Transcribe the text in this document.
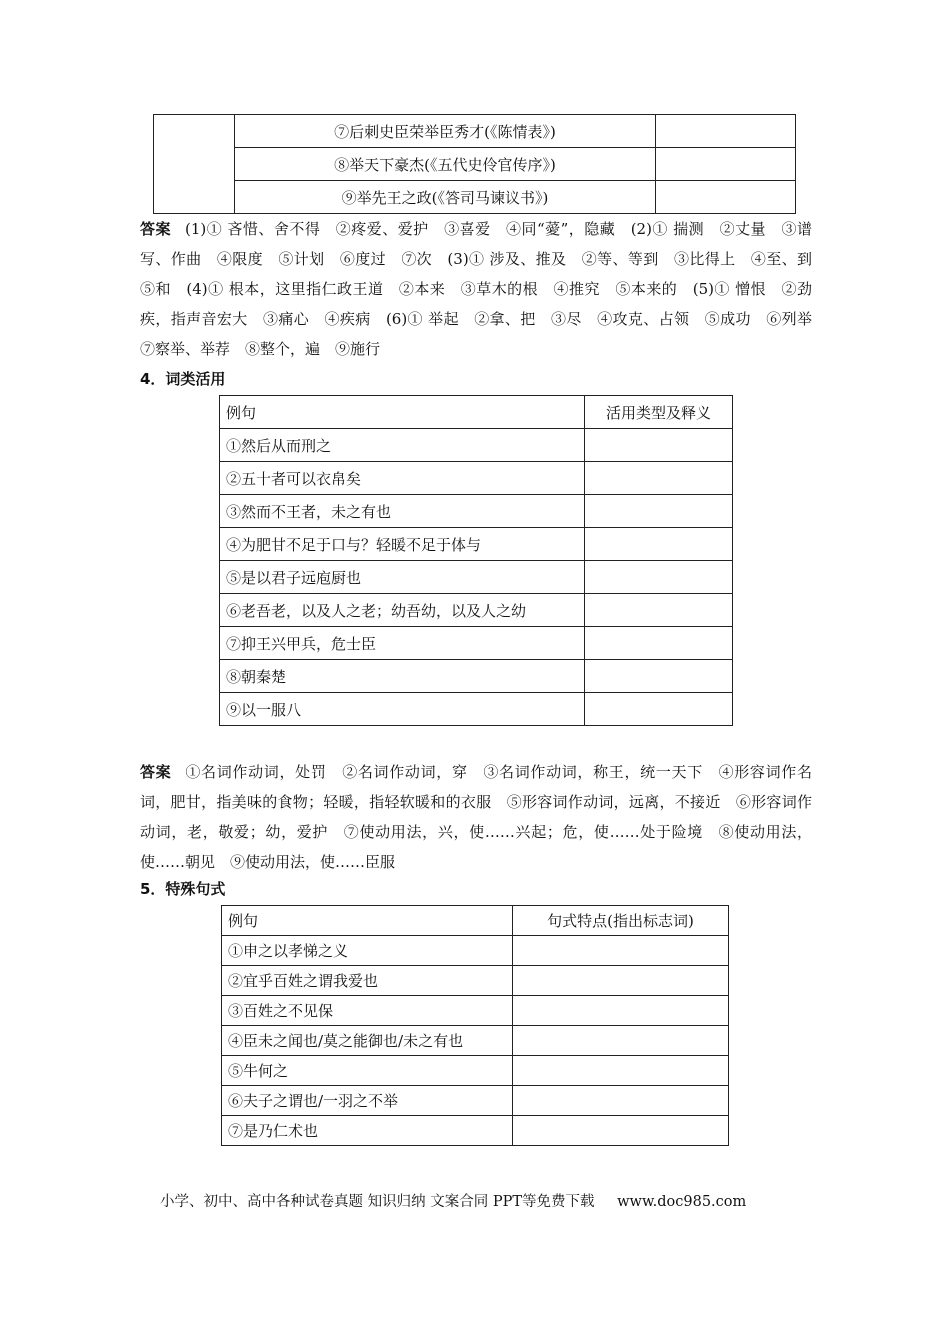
	⑦后刺史臣荣举臣秀才(《陈情表》)	
	⑧举天下豪杰(《五代史伶官传序》)	
	⑨举先王之政(《答司马谏议书》)	
答案 (1)① 吝惜、舍不得　②疼爱、爱护　③喜爱　④同“薆”，隐藏　(2)① 揣测　②丈量　③谱写、作曲　④限度　⑤计划　⑥度过　⑦次　(3)① 涉及、推及　②等、等到　③比得上　④至、到　⑤和　(4)① 根本，这里指仁政王道　②本来　③草木的根　④推究　⑤本来的　(5)① 憎恨　②劲疾，指声音宏大　③痛心　④疾病　(6)① 举起　②拿、把　③尽　④攻克、占领　⑤成功　⑥列举　⑦察举、举荐　⑧整个，遍　⑨施行
4．词类活用
例句	活用类型及释义
①然后从而刑之	
②五十者可以衣帛矣	
③然而不王者，未之有也	
④为肥甘不足于口与？轻暖不足于体与	
⑤是以君子远庖厨也	
⑥老吾老，以及人之老；幼吾幼，以及人之幼	
⑦抑王兴甲兵，危士臣	
⑧朝秦楚	
⑨以一服八	
答案 ①名词作动词，处罚　②名词作动词，穿　③名词作动词，称王，统一天下　④形容词作名词，肥甘，指美味的食物；轻暖，指轻软暖和的衣服　⑤形容词作动词，远离，不接近　⑥形容词作动词，老，敬爱；幼，爱护　⑦使动用法，兴，使……兴起；危，使……处于险境　⑧使动用法，使……朝见　⑨使动用法，使……臣服
5．特殊句式
例句	句式特点(指出标志词)
①申之以孝悌之义	
②宜乎百姓之谓我爱也	
③百姓之不见保	
④臣未之闻也/莫之能御也/未之有也	
⑤牛何之	
⑥夫子之谓也/一羽之不举	
⑦是乃仁术也	
小学、初中、高中各种试卷真题 知识归纳 文案合同 PPT等免费下载 www.doc985.com
